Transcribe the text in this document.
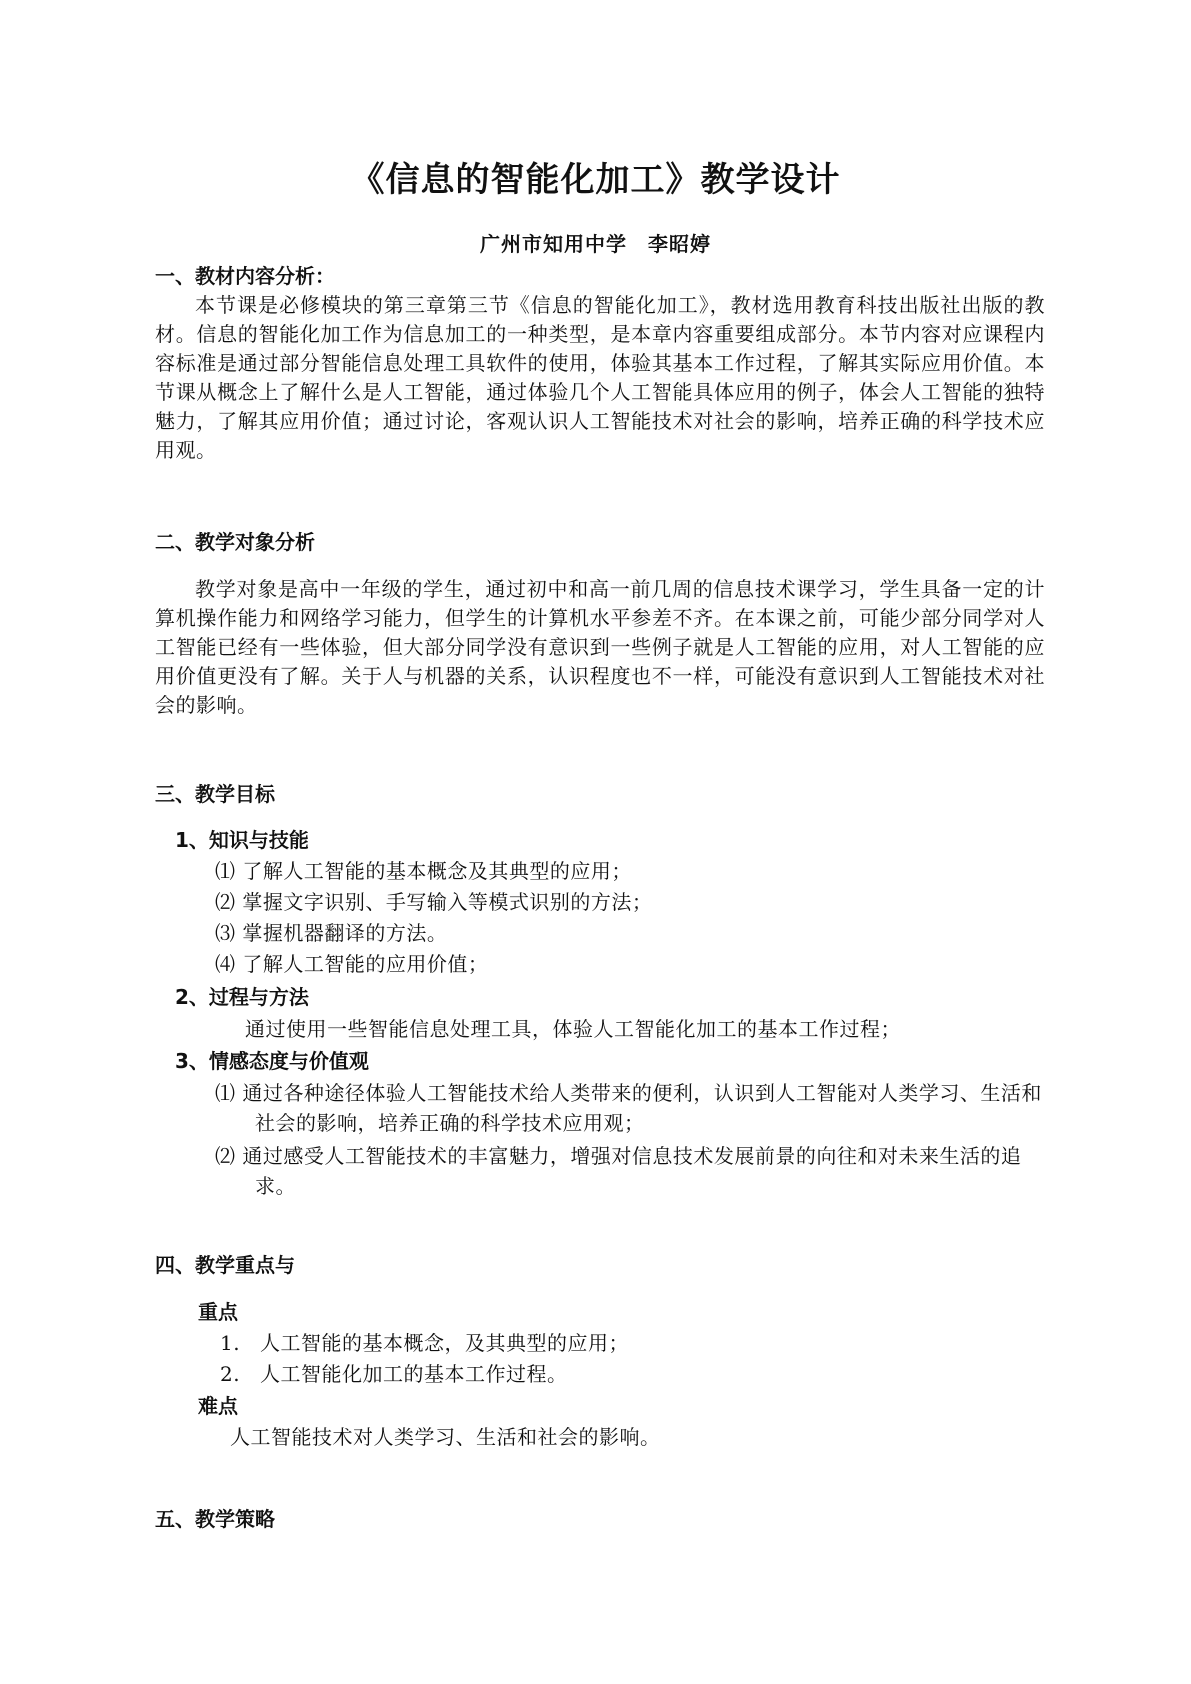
《信息的智能化加工》教学设计
广州市知用中学　李昭婷
一、教材内容分析：
本节课是必修模块的第三章第三节《信息的智能化加工》，教材选用教育科技出版社出版的教材。信息的智能化加工作为信息加工的一种类型，是本章内容重要组成部分。本节内容对应课程内容标准是通过部分智能信息处理工具软件的使用，体验其基本工作过程，了解其实际应用价值。本节课从概念上了解什么是人工智能，通过体验几个人工智能具体应用的例子，体会人工智能的独特魅力，了解其应用价值；通过讨论，客观认识人工智能技术对社会的影响，培养正确的科学技术应用观。
二、教学对象分析
教学对象是高中一年级的学生，通过初中和高一前几周的信息技术课学习，学生具备一定的计算机操作能力和网络学习能力，但学生的计算机水平参差不齐。在本课之前，可能少部分同学对人工智能已经有一些体验，但大部分同学没有意识到一些例子就是人工智能的应用，对人工智能的应用价值更没有了解。关于人与机器的关系，认识程度也不一样，可能没有意识到人工智能技术对社会的影响。
三、教学目标
1、知识与技能
⑴ 了解人工智能的基本概念及其典型的应用；
⑵ 掌握文字识别、手写输入等模式识别的方法；
⑶ 掌握机器翻译的方法。
⑷ 了解人工智能的应用价值；
2、过程与方法
通过使用一些智能信息处理工具，体验人工智能化加工的基本工作过程；
3、情感态度与价值观
⑴ 通过各种途径体验人工智能技术给人类带来的便利，认识到人工智能对人类学习、生活和社会的影响，培养正确的科学技术应用观；
⑵ 通过感受人工智能技术的丰富魅力，增强对信息技术发展前景的向往和对未来生活的追求。
四、教学重点与
重点
1. 人工智能的基本概念，及其典型的应用；
2. 人工智能化加工的基本工作过程。
难点
人工智能技术对人类学习、生活和社会的影响。
五、教学策略
